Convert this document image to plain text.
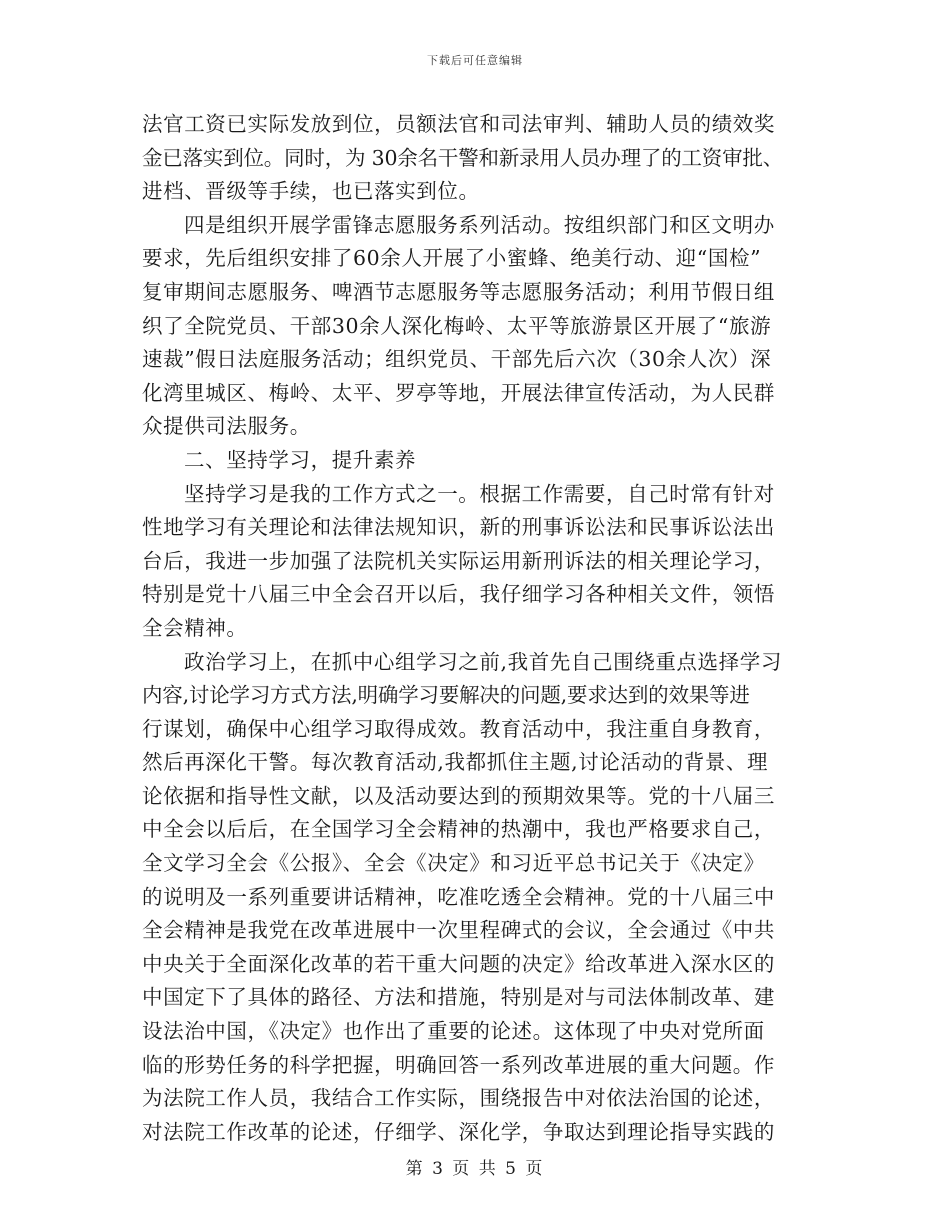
下载后可任意编辑
法官工资已实际发放到位，员额法官和司法审判、辅助人员的绩效奖
金已落实到位。同时，为 30余名干警和新录用人员办理了的工资审批、
进档、晋级等手续，也已落实到位。
四是组织开展学雷锋志愿服务系列活动。按组织部门和区文明办
要求，先后组织安排了60余人开展了小蜜蜂、绝美行动、迎“国检”
复审期间志愿服务、啤酒节志愿服务等志愿服务活动；利用节假日组
织了全院党员、干部30余人深化梅岭、太平等旅游景区开展了“旅游
速裁”假日法庭服务活动；组织党员、干部先后六次（30余人次）深
化湾里城区、梅岭、太平、罗亭等地，开展法律宣传活动，为人民群
众提供司法服务。
二、坚持学习，提升素养
坚持学习是我的工作方式之一。根据工作需要，自己时常有针对
性地学习有关理论和法律法规知识，新的刑事诉讼法和民事诉讼法出
台后，我进一步加强了法院机关实际运用新刑诉法的相关理论学习，
特别是党十八届三中全会召开以后，我仔细学习各种相关文件，领悟
全会精神。
政治学习上，在抓中心组学习之前,我首先自己围绕重点选择学习
内容,讨论学习方式方法,明确学习要解决的问题,要求达到的效果等进
行谋划，确保中心组学习取得成效。教育活动中，我注重自身教育，
然后再深化干警。每次教育活动,我都抓住主题,讨论活动的背景、理
论依据和指导性文献，以及活动要达到的预期效果等。党的十八届三
中全会以后后，在全国学习全会精神的热潮中，我也严格要求自己，
全文学习全会《公报》、全会《决定》和习近平总书记关于《决定》
的说明及一系列重要讲话精神，吃准吃透全会精神。党的十八届三中
全会精神是我党在改革进展中一次里程碑式的会议，全会通过《中共
中央关于全面深化改革的若干重大问题的决定》给改革进入深水区的
中国定下了具体的路径、方法和措施，特别是对与司法体制改革、建
设法治中国，《决定》也作出了重要的论述。这体现了中央对党所面
临的形势任务的科学把握，明确回答一系列改革进展的重大问题。作
为法院工作人员，我结合工作实际，围绕报告中对依法治国的论述，
对法院工作改革的论述，仔细学、深化学，争取达到理论指导实践的
第 3 页 共 5 页
